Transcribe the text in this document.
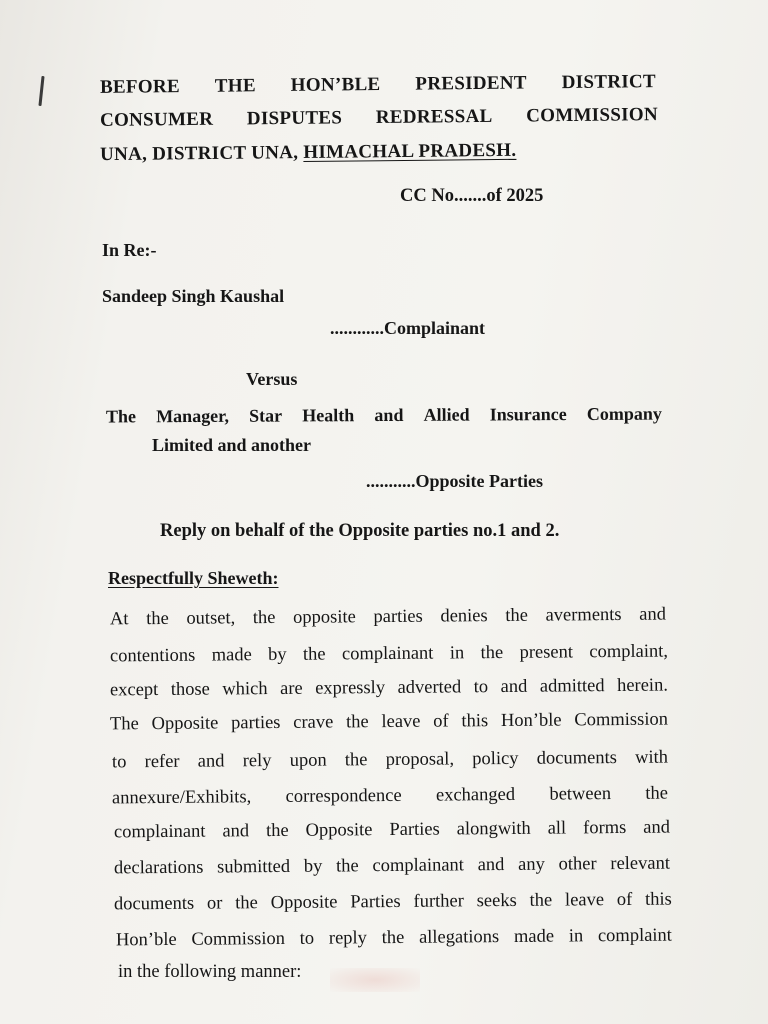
BEFORE THE HON’BLE PRESIDENT DISTRICT
CONSUMER DISPUTES REDRESSAL COMMISSION
UNA, DISTRICT UNA, HIMACHAL PRADESH.
CC No.......of 2025
In Re:-
Sandeep Singh Kaushal
............Complainant
Versus
The Manager, Star Health and Allied Insurance Company
Limited and another
...........Opposite Parties
Reply on behalf of the Opposite parties no.1 and 2.
Respectfully Sheweth:
At the outset, the opposite parties denies the averments and
contentions made by the complainant in the present complaint,
except those which are expressly adverted to and admitted herein.
The Opposite parties crave the leave of this Hon’ble Commission
to refer and rely upon the proposal, policy documents with
annexure/Exhibits, correspondence exchanged between the
complainant and the Opposite Parties alongwith all forms and
declarations submitted by the complainant and any other relevant
documents or the Opposite Parties further seeks the leave of this
Hon’ble Commission to reply the allegations made in complaint
in the following manner:
